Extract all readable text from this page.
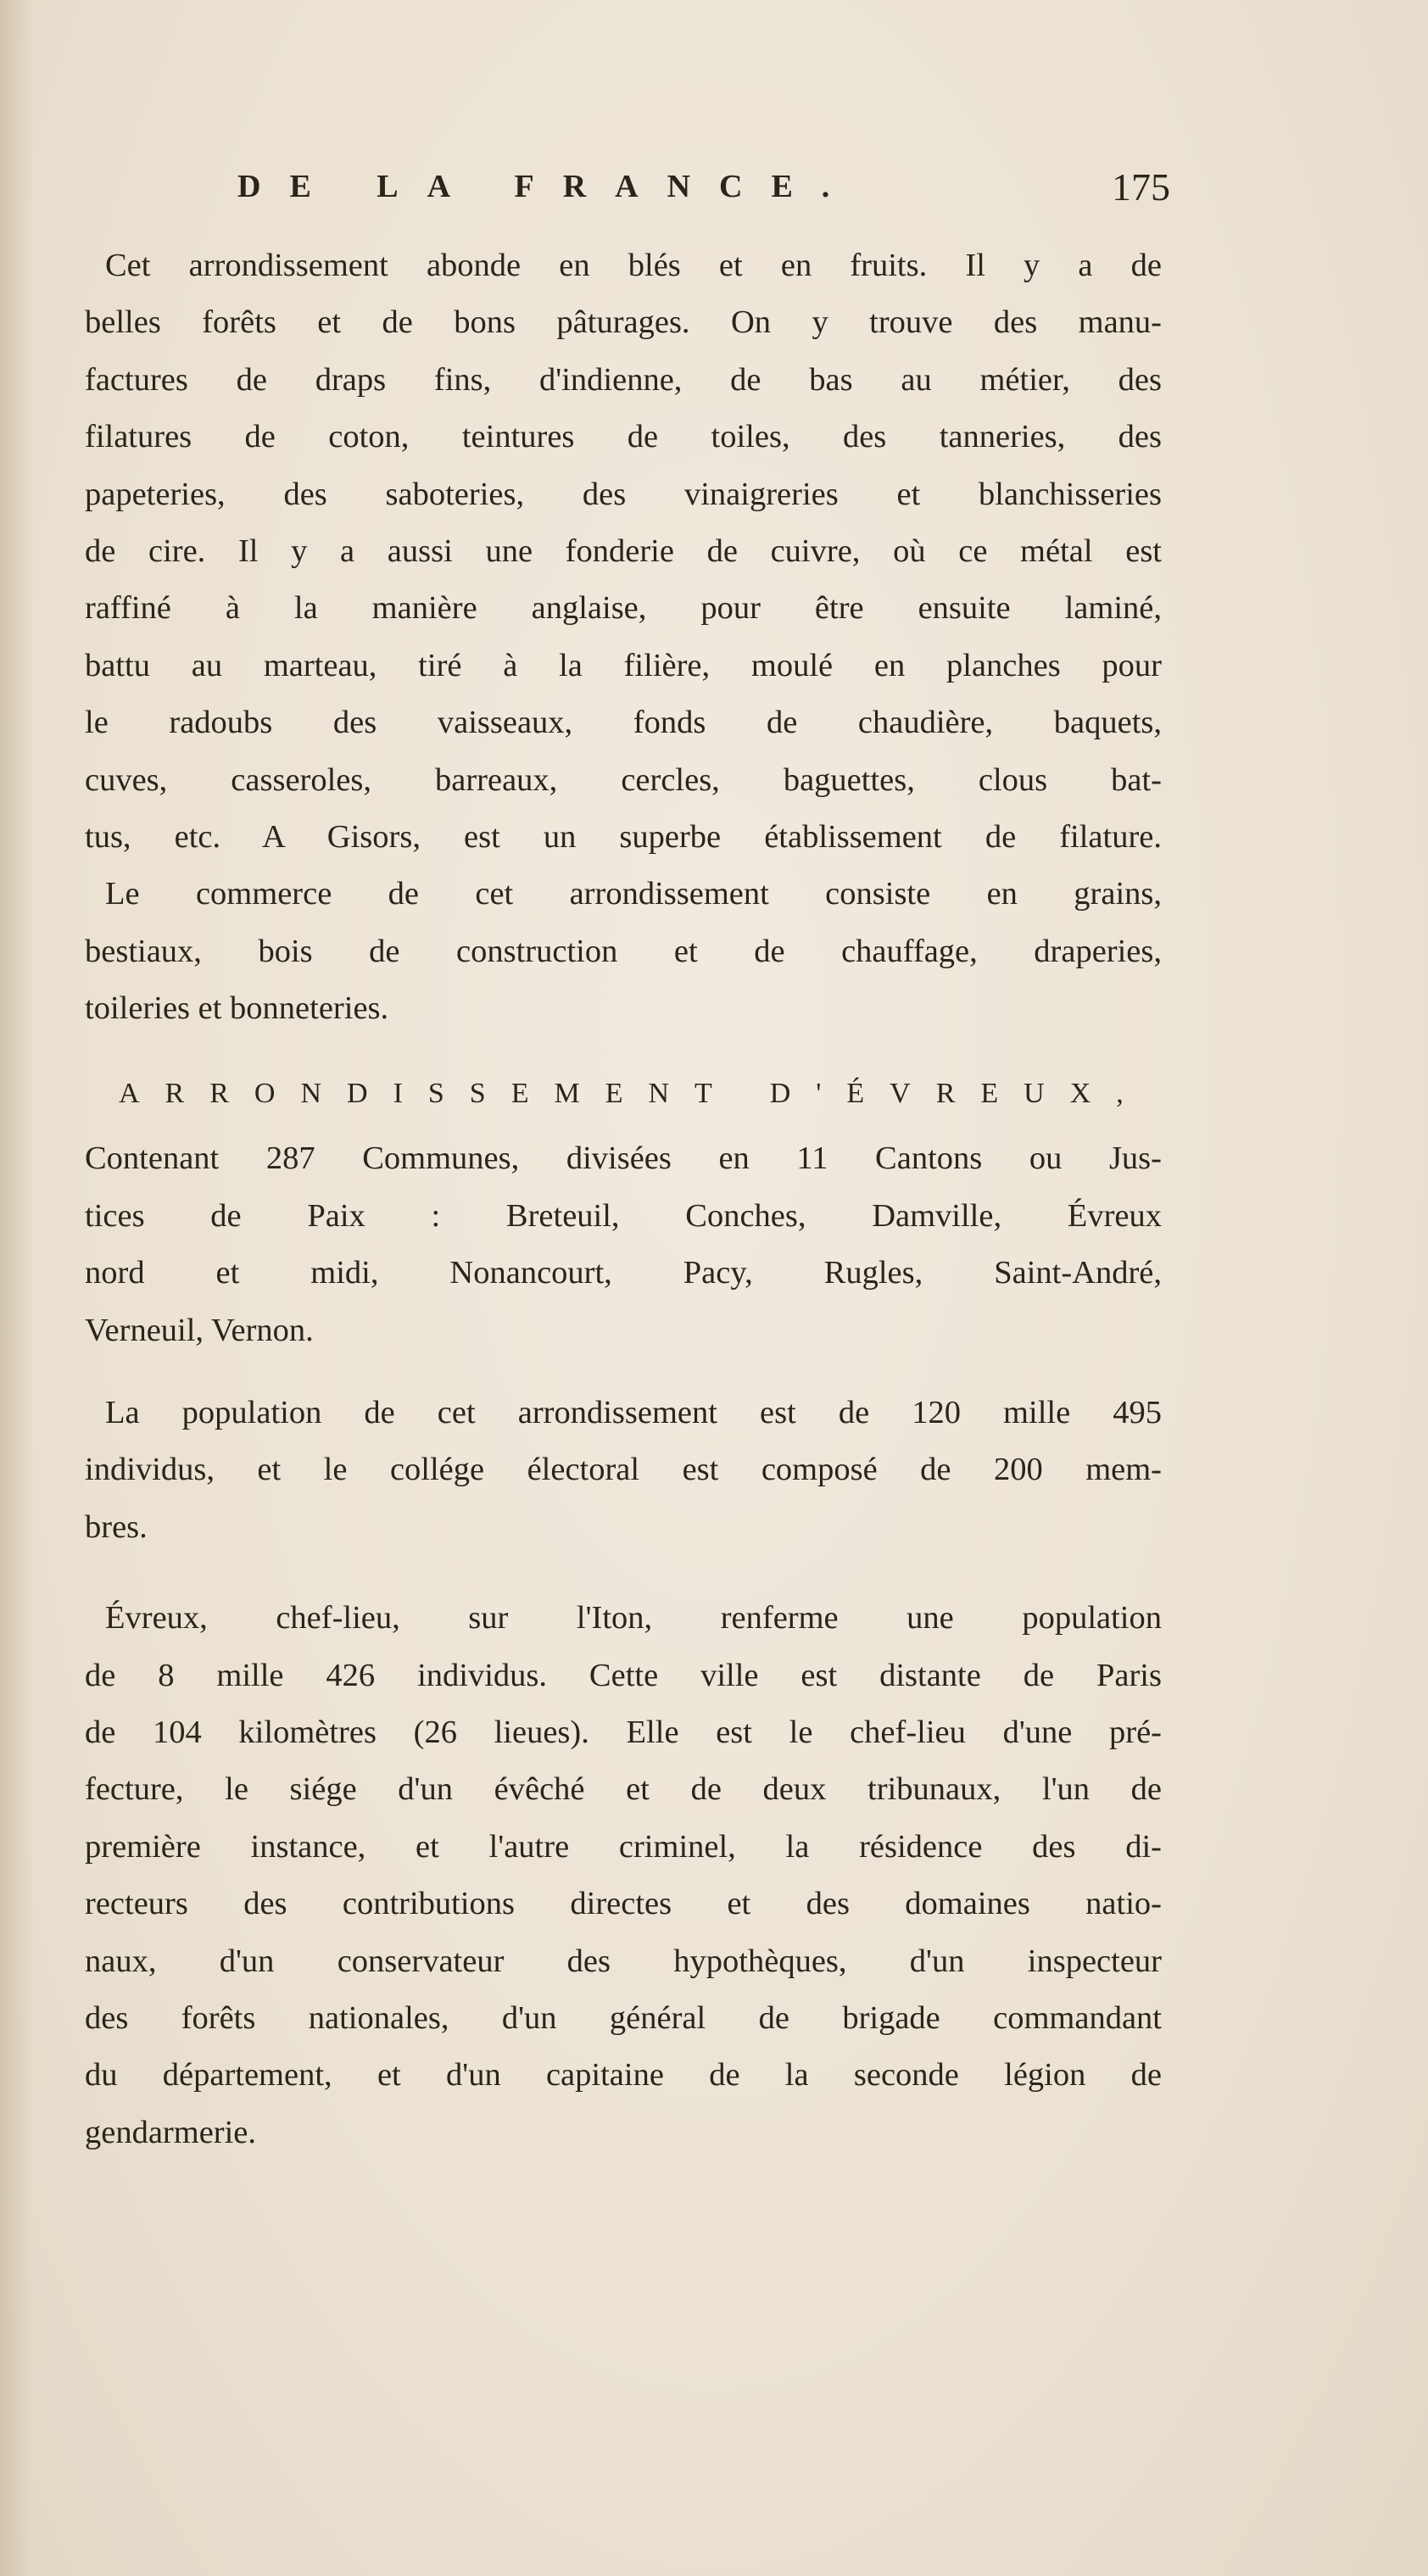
DE LA FRANCE.	175
Cet arrondissement abonde en blés et en fruits. Il y a de
belles forêts et de bons pâturages. On y trouve des manu-
factures de draps fins, d'indienne, de bas au métier, des
filatures de coton, teintures de toiles, des tanneries, des
papeteries, des saboteries, des vinaigreries et blanchisseries
de cire. Il y a aussi une fonderie de cuivre, où ce métal est
raffiné à la manière anglaise, pour être ensuite laminé,
battu au marteau, tiré à la filière, moulé en planches pour
le radoubs des vaisseaux, fonds de chaudière, baquets,
cuves, casseroles, barreaux, cercles, baguettes, clous bat-
tus, etc. A Gisors, est un superbe établissement de filature.
Le commerce de cet arrondissement consiste en grains,
bestiaux, bois de construction et de chauffage, draperies,
toileries et bonneteries.
ARRONDISSEMENT D'ÉVREUX,
Contenant 287 Communes, divisées en 11 Cantons ou Jus-
tices de Paix : Breteuil, Conches, Damville, Évreux
nord et midi, Nonancourt, Pacy, Rugles, Saint-André,
Verneuil, Vernon.
La population de cet arrondissement est de 120 mille 495
individus, et le collége électoral est composé de 200 mem-
bres.
Évreux, chef-lieu, sur l'Iton, renferme une population
de 8 mille 426 individus. Cette ville est distante de Paris
de 104 kilomètres (26 lieues). Elle est le chef-lieu d'une pré-
fecture, le siége d'un évêché et de deux tribunaux, l'un de
première instance, et l'autre criminel, la résidence des di-
recteurs des contributions directes et des domaines natio-
naux, d'un conservateur des hypothèques, d'un inspecteur
des forêts nationales, d'un général de brigade commandant
du département, et d'un capitaine de la seconde légion de
gendarmerie.
